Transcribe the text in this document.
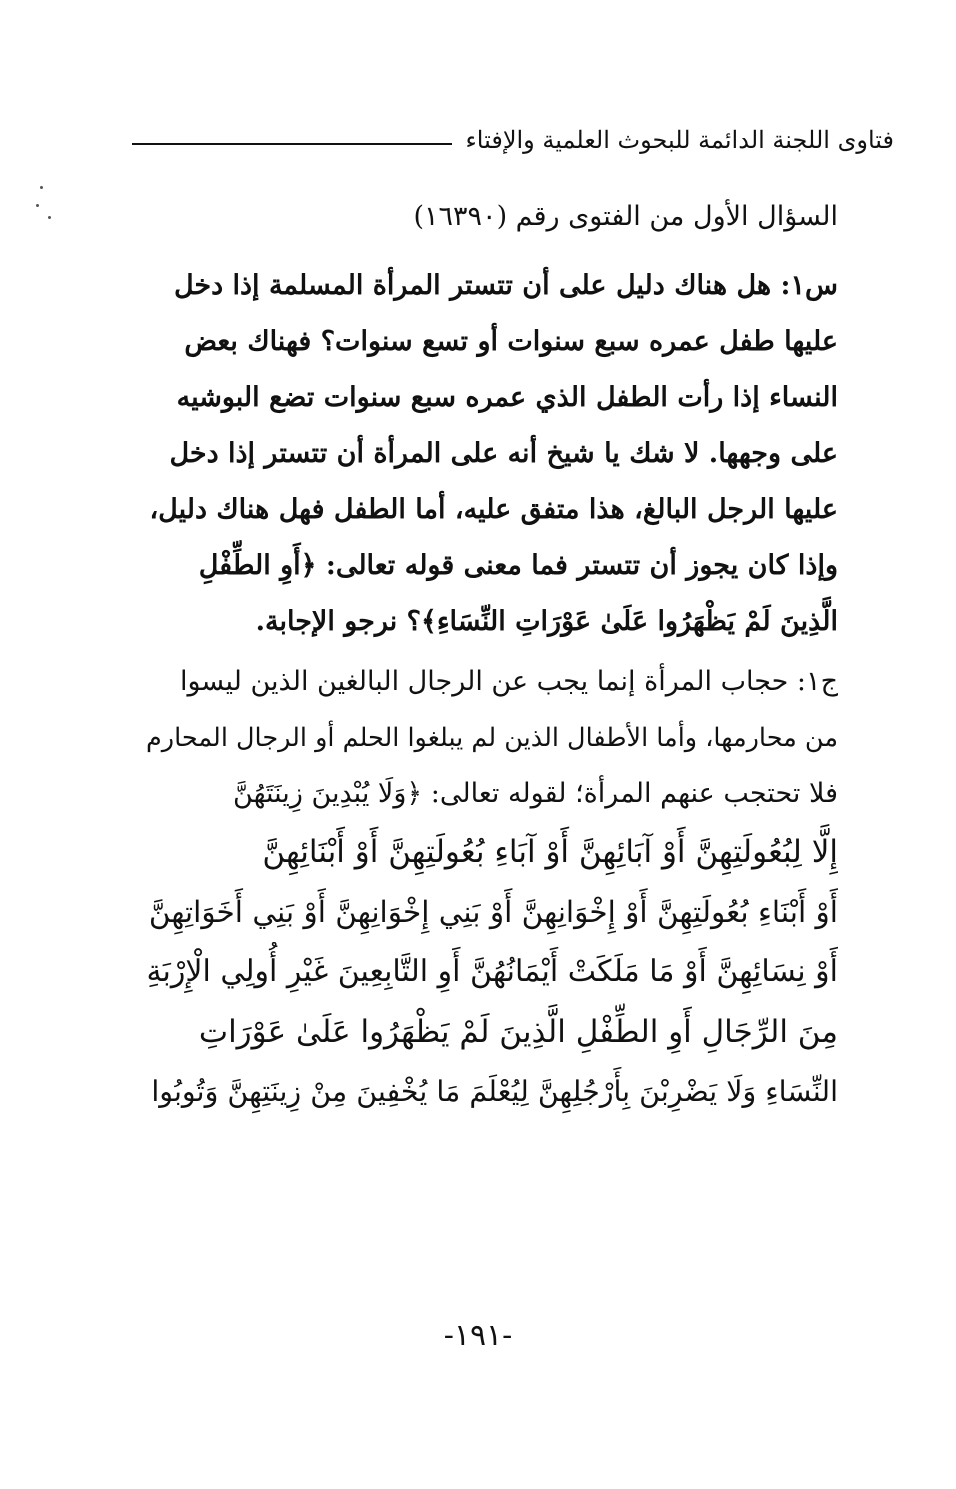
فتاوى اللجنة الدائمة للبحوث العلمية والإفتاء
السؤال الأول من الفتوى رقم (١٦٣٩٠)
س١: هل هناك دليل على أن تتستر المرأة المسلمة إذا دخل
عليها طفل عمره سبع سنوات أو تسع سنوات؟ فهناك بعض
النساء إذا رأت الطفل الذي عمره سبع سنوات تضع البوشيه
على وجهها. لا شك يا شيخ أنه على المرأة أن تتستر إذا دخل
عليها الرجل البالغ، هذا متفق عليه، أما الطفل فهل هناك دليل،
وإذا كان يجوز أن تتستر فما معنى قوله تعالى: ﴿أَوِ الطِّفْلِ
الَّذِينَ لَمْ يَظْهَرُوا عَلَىٰ عَوْرَاتِ النِّسَاءِ﴾؟ نرجو الإجابة.
ج١: حجاب المرأة إنما يجب عن الرجال البالغين الذين ليسوا
من محارمها، وأما الأطفال الذين لم يبلغوا الحلم أو الرجال المحارم
فلا تحتجب عنهم المرأة؛ لقوله تعالى: ﴿وَلَا يُبْدِينَ زِينَتَهُنَّ
إِلَّا لِبُعُولَتِهِنَّ أَوْ آبَائِهِنَّ أَوْ آبَاءِ بُعُولَتِهِنَّ أَوْ أَبْنَائِهِنَّ
أَوْ أَبْنَاءِ بُعُولَتِهِنَّ أَوْ إِخْوَانِهِنَّ أَوْ بَنِي إِخْوَانِهِنَّ أَوْ بَنِي أَخَوَاتِهِنَّ
أَوْ نِسَائِهِنَّ أَوْ مَا مَلَكَتْ أَيْمَانُهُنَّ أَوِ التَّابِعِينَ غَيْرِ أُولِي الْإِرْبَةِ
مِنَ الرِّجَالِ أَوِ الطِّفْلِ الَّذِينَ لَمْ يَظْهَرُوا عَلَىٰ عَوْرَاتِ
النِّسَاءِ وَلَا يَضْرِبْنَ بِأَرْجُلِهِنَّ لِيُعْلَمَ مَا يُخْفِينَ مِنْ زِينَتِهِنَّ وَتُوبُوا
-١٩١-
